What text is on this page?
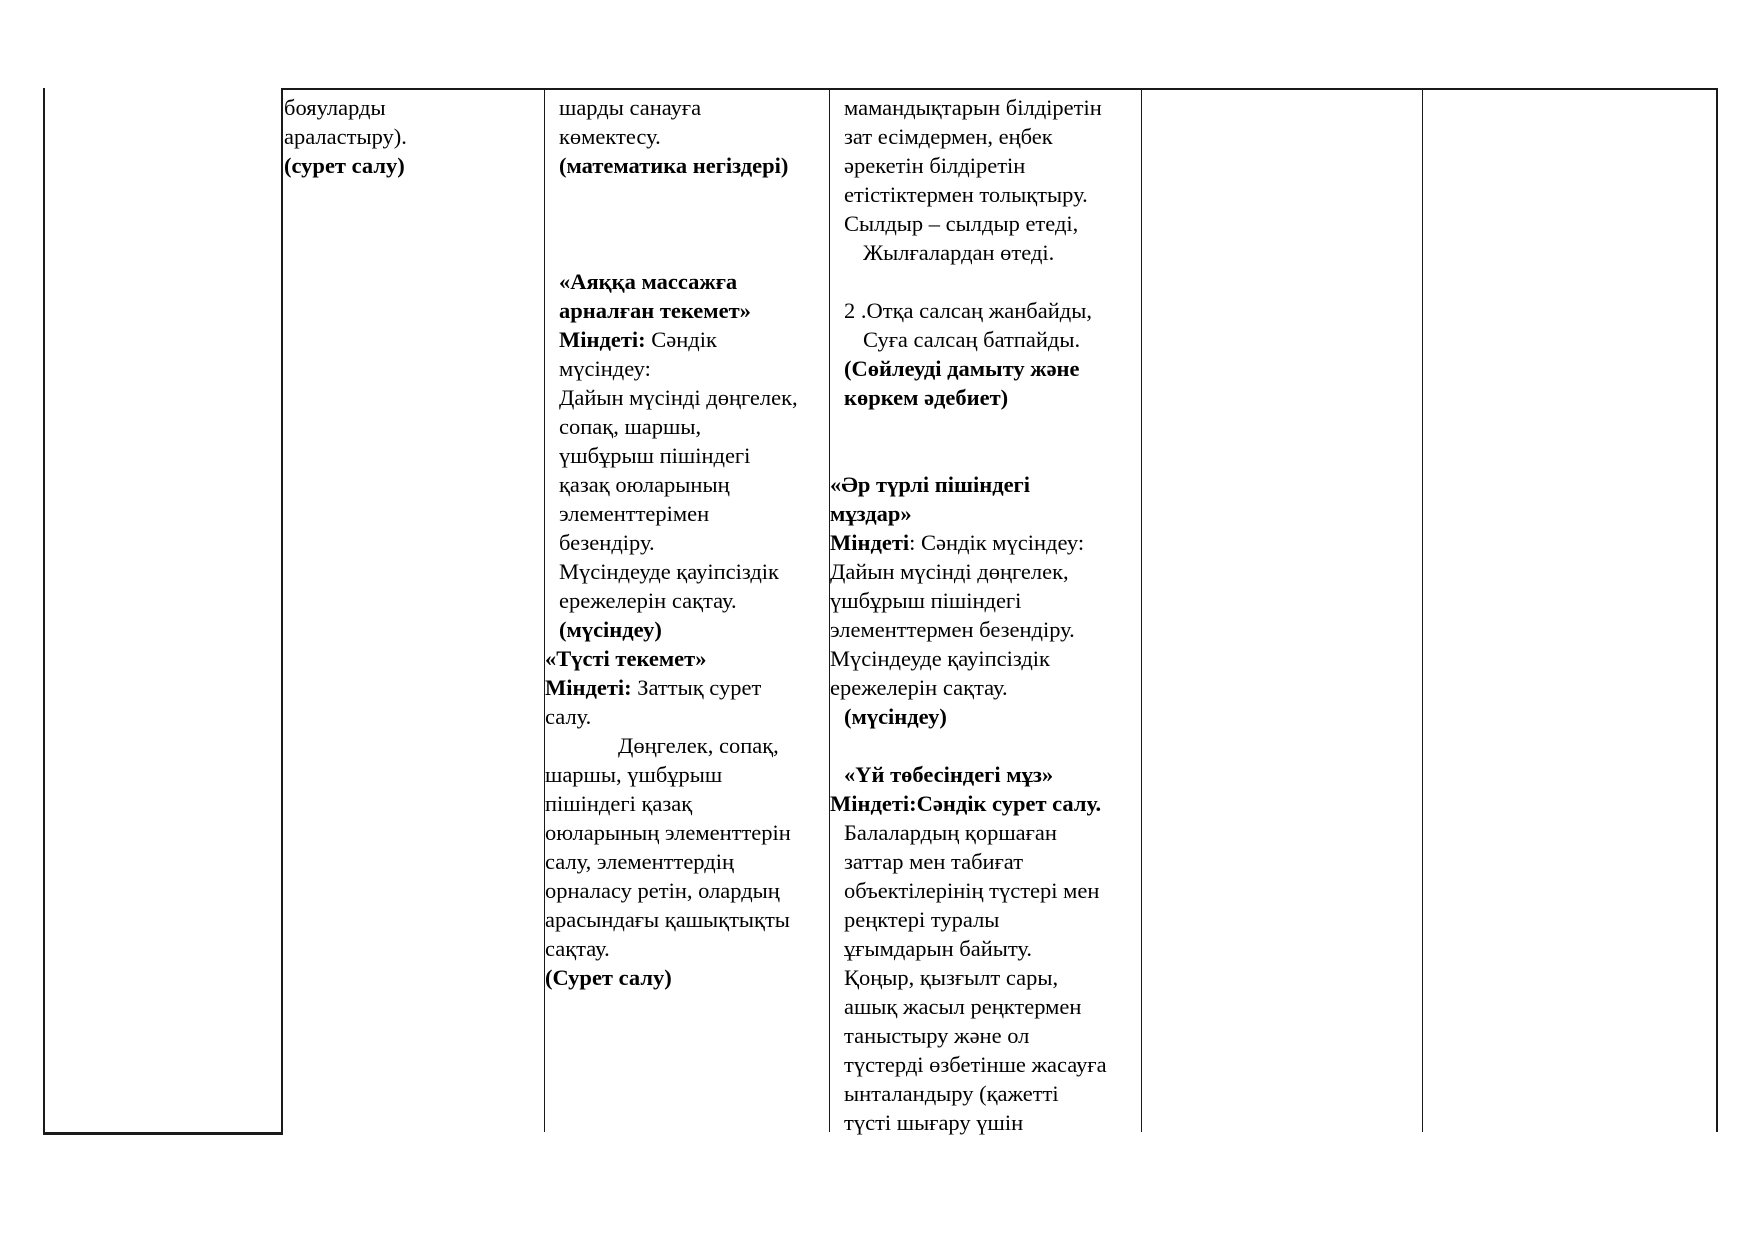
бояуларды
араластыру).
(сурет салу)
шарды санауға
көмектесу.
(математика негіздері)
«Аяққа массажға
арналған текемет»
Міндеті: Сәндік
мүсіндеу:
Дайын мүсінді дөңгелек,
сопақ, шаршы,
үшбұрыш пішіндегі
қазақ оюларының
элементтерімен
безендіру.
Мүсіндеуде қауіпсіздік
ережелерін сақтау.
(мүсіндеу)
«Түсті текемет»
Міндеті: Заттық сурет
салу.
Дөңгелек, сопақ,
шаршы, үшбұрыш
пішіндегі қазақ
оюларының элементтерін
салу, элементтердің
орналасу ретін, олардың
арасындағы қашықтықты
сақтау.
(Сурет салу)
мамандықтарын білдіретін
зат есімдермен, еңбек
әрекетін білдіретін
етістіктермен толықтыру.
Сылдыр – сылдыр етеді,
Жылғалардан өтеді.
2 .Отқа салсаң жанбайды,
Суға салсаң батпайды.
(Сөйлеуді дамыту және
көркем әдебиет)
«Әр түрлі пішіндегі
мұздар»
Міндеті: Сәндік мүсіндеу:
Дайын мүсінді дөңгелек,
үшбұрыш пішіндегі
элементтермен безендіру.
Мүсіндеуде қауіпсіздік
ережелерін сақтау.
(мүсіндеу)
«Үй төбесіндегі мұз»
Міндеті:Сәндік сурет салу.
Балалардың қоршаған
заттар мен табиғат
объектілерінің түстері мен
реңктері туралы
ұғымдарын байыту.
Қоңыр, қызғылт сары,
ашық жасыл реңктермен
таныстыру және ол
түстерді өзбетінше жасауға
ынталандыру (қажетті
түсті шығару үшін
